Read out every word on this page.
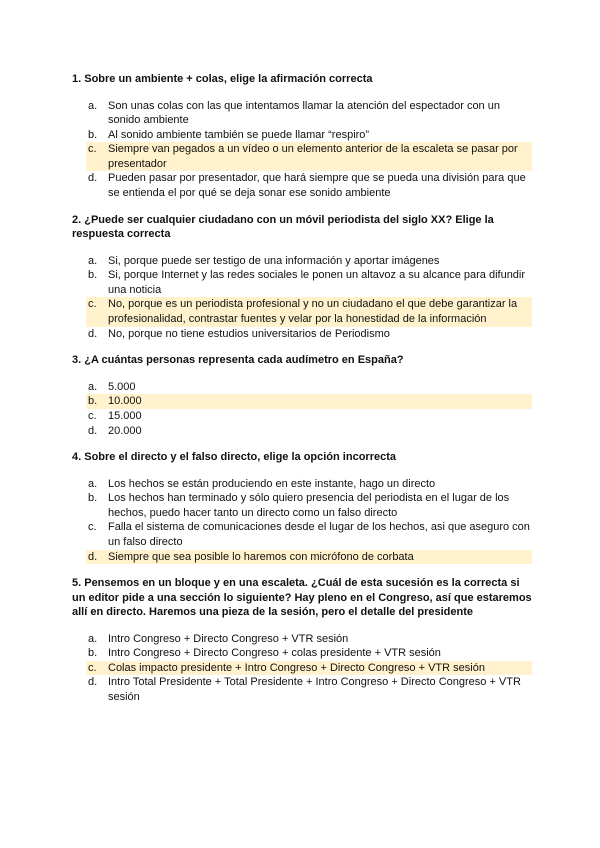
1. Sobre un ambiente + colas, elige la afirmación correcta
a. Son unas colas con las que intentamos llamar la atención del espectador con un sonido ambiente
b. Al sonido ambiente también se puede llamar “respiro”
c. Siempre van pegados a un vídeo o un elemento anterior de la escaleta se pasar por presentador
d. Pueden pasar por presentador, que hará siempre que se pueda una división para que se entienda el por qué se deja sonar ese sonido ambiente
2. ¿Puede ser cualquier ciudadano con un móvil periodista del siglo XX? Elige la respuesta correcta
a. Si, porque puede ser testigo de una información y aportar imágenes
b. Si, porque Internet y las redes sociales le ponen un altavoz a su alcance para difundir una noticia
c. No, porque es un periodista profesional y no un ciudadano el que debe garantizar la profesionalidad, contrastar fuentes y velar por la honestidad de la información
d. No, porque no tiene estudios universitarios de Periodismo
3. ¿A cuántas personas representa cada audímetro en España?
a. 5.000
b. 10.000
c. 15.000
d. 20.000
4. Sobre el directo y el falso directo, elige la opción incorrecta
a. Los hechos se están produciendo en este instante, hago un directo
b. Los hechos han terminado y sólo quiero presencia del periodista en el lugar de los hechos, puedo hacer tanto un directo como un falso directo
c. Falla el sistema de comunicaciones desde el lugar de los hechos, asi que aseguro con un falso directo
d. Siempre que sea posible lo haremos con micrófono de corbata
5. Pensemos en un bloque y en una escaleta. ¿Cuál de esta sucesión es la correcta si un editor pide a una sección lo siguiente? Hay pleno en el Congreso, así que estaremos allí en directo. Haremos una pieza de la sesión, pero el detalle del presidente
a. Intro Congreso + Directo Congreso + VTR sesión
b. Intro Congreso + Directo Congreso + colas presidente + VTR sesión
c. Colas impacto presidente + Intro Congreso + Directo Congreso + VTR sesión
d. Intro Total Presidente + Total Presidente + Intro Congreso + Directo Congreso + VTR sesión
